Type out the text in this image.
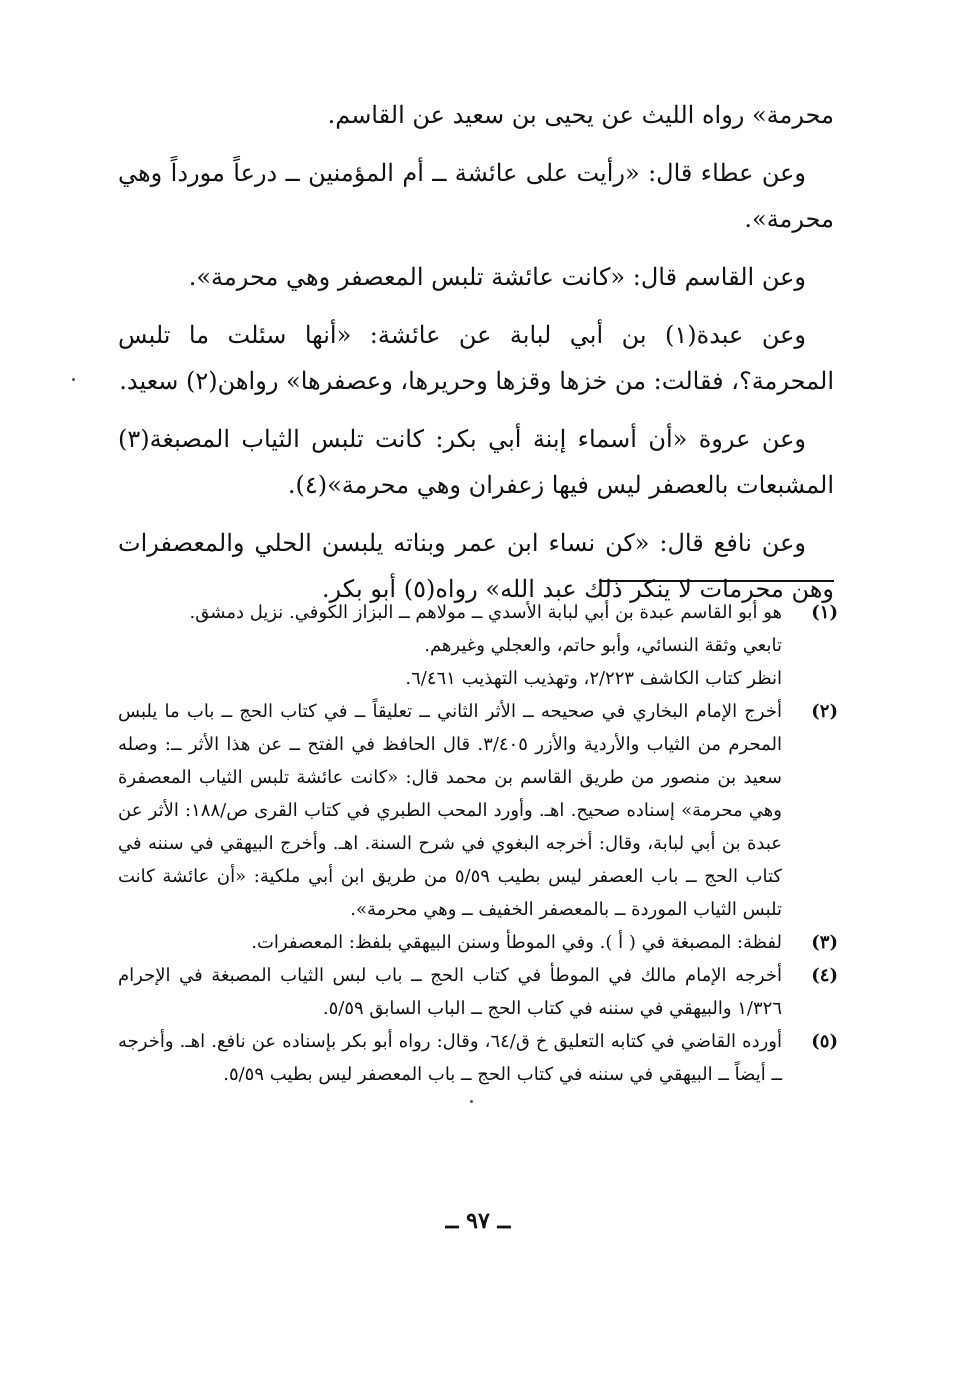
محرمة» رواه الليث عن يحيى بن سعيد عن القاسم.

وعن عطاء قال: «رأيت على عائشة ــ أم المؤمنين ــ درعاً مورداً وهي محرمة».

وعن القاسم قال: «كانت عائشة تلبس المعصفر وهي محرمة».

وعن عبدة(١) بن أبي لبابة عن عائشة: «أنها سئلت ما تلبس المحرمة؟، فقالت: من خزها وقزها وحريرها، وعصفرها» رواهن(٢) سعيد.

وعن عروة «أن أسماء إبنة أبي بكر: كانت تلبس الثياب المصبغة(٣) المشبعات بالعصفر ليس فيها زعفران وهي محرمة»(٤).

وعن نافع قال: «كن نساء ابن عمر وبناته يلبسن الحلي والمعصفرات وهن محرمات لا ينكر ذلك عبد الله» رواه(٥) أبو بكر.

(١)
هو أبو القاسم عبدة بن أبي لبابة الأسدي ــ مولاهم ــ البزاز الكوفي. نزيل دمشق.
تابعي وثقة النسائي، وأبو حاتم، والعجلي وغيرهم.
انظر كتاب الكاشف ٢/٢٢٣، وتهذيب التهذيب ٦/٤٦١.
(٢)
أخرج الإمام البخاري في صحيحه ــ الأثر الثاني ــ تعليقاً ــ في كتاب الحج ــ باب ما يلبس المحرم من الثياب والأردية والأزر ٣/٤٠٥. قال الحافظ في الفتح ــ عن هذا الأثر ــ: وصله سعيد بن منصور من طريق القاسم بن محمد قال: «كانت عائشة تلبس الثياب المعصفرة وهي محرمة» إسناده صحيح. اهـ. وأورد المحب الطبري في كتاب القرى ص/١٨٨: الأثر عن عبدة بن أبي لبابة، وقال: أخرجه البغوي في شرح السنة. اهـ. وأخرج البيهقي في سننه في كتاب الحج ــ باب العصفر ليس بطيب ٥/٥٩ من طريق ابن أبي ملكية: «أن عائشة كانت تلبس الثياب الموردة ــ بالمعصفر الخفيف ــ وهي محرمة».
(٣)
لفظة: المصبغة في ( أ ). وفي الموطأ وسنن البيهقي بلفظ: المعصفرات.
(٤)
أخرجه الإمام مالك في الموطأ في كتاب الحج ــ باب لبس الثياب المصبغة في الإحرام ١/٣٢٦ والبيهقي في سننه في كتاب الحج ــ الباب السابق ٥/٥٩.
(٥)
أورده القاضي في كتابه التعليق خ ق/٦٤، وقال: رواه أبو بكر بإسناده عن نافع. اهـ. وأخرجه ــ أيضاً ــ البيهقي في سننه في كتاب الحج ــ باب المعصفر ليس بطيب ٥/٥٩.
ــ ٩٧ ــ
